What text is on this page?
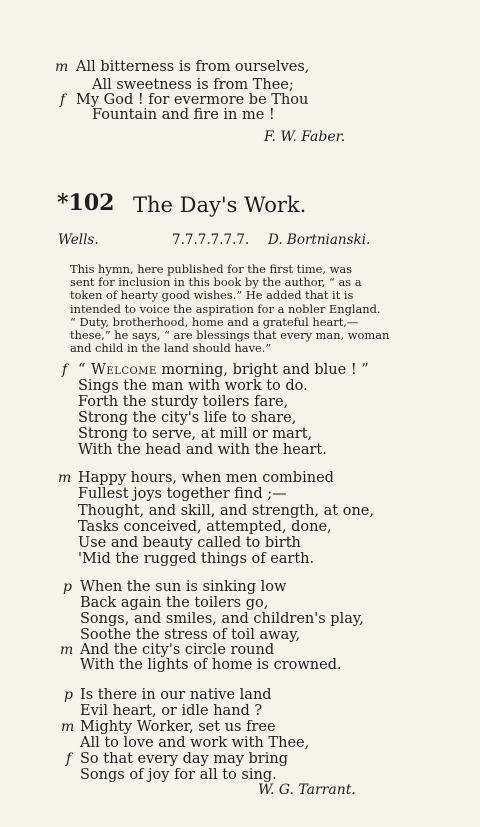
m All bitterness is from ourselves,
All sweetness is from Thee;
f My God ! for evermore be Thou
Fountain and fire in me !
F. W. Faber.
*102 The Day's Work.
Wells.	7.7.7.7.7.7. D. Bortnianski.
This hymn, here published for the first time, was
sent for inclusion in this book by the author, “ as a
token of hearty good wishes.” He added that it is
intended to voice the aspiration for a nobler England.
“ Duty, brotherhood, home and a grateful heart,—
these,” he says, “ are blessings that every man, woman
and child in the land should have.”
f “ Welcome morning, bright and blue ! ”
Sings the man with work to do.
Forth the sturdy toilers fare,
Strong the city's life to share,
Strong to serve, at mill or mart,
With the head and with the heart.
m Happy hours, when men combined
Fullest joys together find ;—
Thought, and skill, and strength, at one,
Tasks conceived, attempted, done,
Use and beauty called to birth
'Mid the rugged things of earth.
p When the sun is sinking low
Back again the toilers go,
Songs, and smiles, and children's play,
Soothe the stress of toil away,
m And the city's circle round
With the lights of home is crowned.
p Is there in our native land
Evil heart, or idle hand ?
m Mighty Worker, set us free
All to love and work with Thee,
f So that every day may bring
Songs of joy for all to sing.
W. G. Tarrant.
